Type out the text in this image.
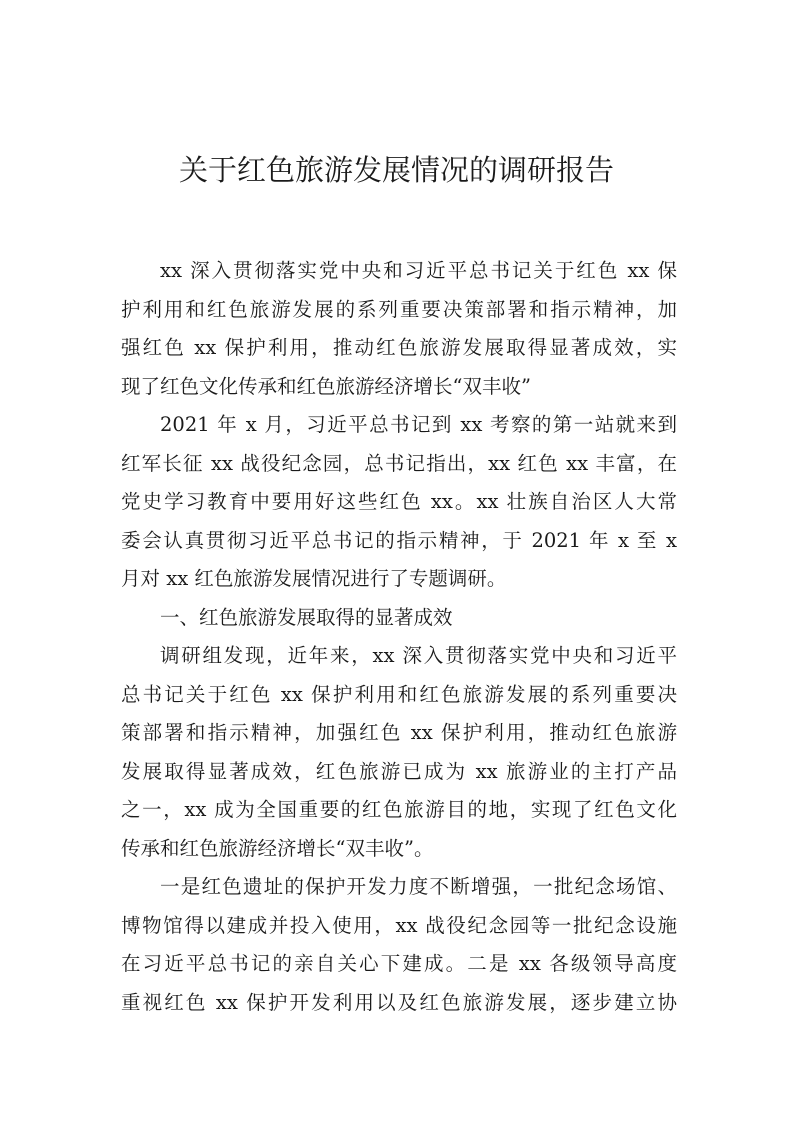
关于红色旅游发展情况的调研报告
xx 深入贯彻落实党中央和习近平总书记关于红色 xx 保
护利用和红色旅游发展的系列重要决策部署和指示精神，加
强红色 xx 保护利用，推动红色旅游发展取得显著成效，实
现了红色文化传承和红色旅游经济增长“双丰收”
2021 年 x 月，习近平总书记到 xx 考察的第一站就来到
红军长征 xx 战役纪念园，总书记指出，xx 红色 xx 丰富，在
党史学习教育中要用好这些红色 xx。xx 壮族自治区人大常
委会认真贯彻习近平总书记的指示精神，于 2021 年 x 至 x
月对 xx 红色旅游发展情况进行了专题调研。
一、红色旅游发展取得的显著成效
调研组发现，近年来，xx 深入贯彻落实党中央和习近平
总书记关于红色 xx 保护利用和红色旅游发展的系列重要决
策部署和指示精神，加强红色 xx 保护利用，推动红色旅游
发展取得显著成效，红色旅游已成为 xx 旅游业的主打产品
之一，xx 成为全国重要的红色旅游目的地，实现了红色文化
传承和红色旅游经济增长“双丰收”。
一是红色遗址的保护开发力度不断增强，一批纪念场馆、
博物馆得以建成并投入使用，xx 战役纪念园等一批纪念设施
在习近平总书记的亲自关心下建成。二是 xx 各级领导高度
重视红色 xx 保护开发利用以及红色旅游发展，逐步建立协
